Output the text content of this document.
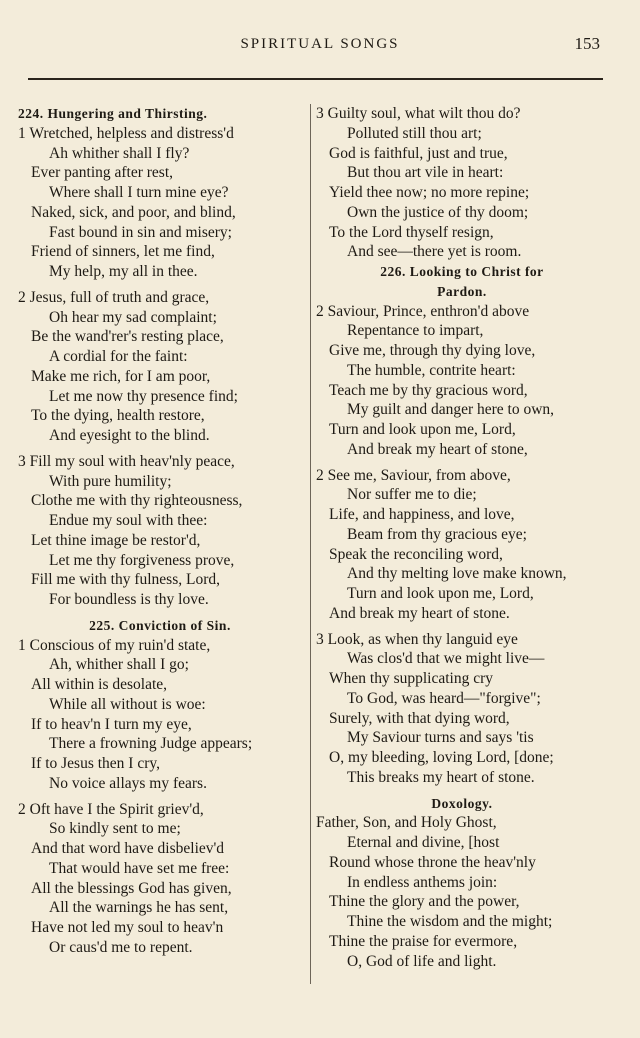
SPIRITUAL SONGS	153
224. Hungering and Thirsting.
1 Wretched, helpless and distress'd
Ah whither shall I fly?
Ever panting after rest,
Where shall I turn mine eye?
Naked, sick, and poor, and blind,
Fast bound in sin and misery;
Friend of sinners, let me find,
My help, my all in thee.
2 Jesus, full of truth and grace,
Oh hear my sad complaint;
Be the wand'rer's resting place,
A cordial for the faint:
Make me rich, for I am poor,
Let me now thy presence find;
To the dying, health restore,
And eyesight to the blind.
3 Fill my soul with heav'nly peace,
With pure humility;
Clothe me with thy righteousness,
Endue my soul with thee:
Let thine image be restor'd,
Let me thy forgiveness prove,
Fill me with thy fulness, Lord,
For boundless is thy love.
225. Conviction of Sin.
1 Conscious of my ruin'd state,
Ah, whither shall I go;
All within is desolate,
While all without is woe:
If to heav'n I turn my eye,
There a frowning Judge appears;
If to Jesus then I cry,
No voice allays my fears.
2 Oft have I the Spirit griev'd,
So kindly sent to me;
And that word have disbeliev'd
That would have set me free:
All the blessings God has given,
All the warnings he has sent,
Have not led my soul to heav'n
Or caus'd me to repent.
3 Guilty soul, what wilt thou do?
Polluted still thou art;
God is faithful, just and true,
But thou art vile in heart:
Yield thee now; no more repine;
Own the justice of thy doom;
To the Lord thyself resign,
And see—there yet is room.
226. Looking to Christ for
Pardon.
2 Saviour, Prince, enthron'd above
Repentance to impart,
Give me, through thy dying love,
The humble, contrite heart:
Teach me by thy gracious word,
My guilt and danger here to own,
Turn and look upon me, Lord,
And break my heart of stone,
2 See me, Saviour, from above,
Nor suffer me to die;
Life, and happiness, and love,
Beam from thy gracious eye;
Speak the reconciling word,
And thy melting love make known,
Turn and look upon me, Lord,
And break my heart of stone.
3 Look, as when thy languid eye
Was clos'd that we might live—
When thy supplicating cry
To God, was heard—"forgive";
Surely, with that dying word,
My Saviour turns and says 'tis
O, my bleeding, loving Lord, [done;
This breaks my heart of stone.
Doxology.
Father, Son, and Holy Ghost,
Eternal and divine, [host
Round whose throne the heav'nly
In endless anthems join:
Thine the glory and the power,
Thine the wisdom and the might;
Thine the praise for evermore,
O, God of life and light.
